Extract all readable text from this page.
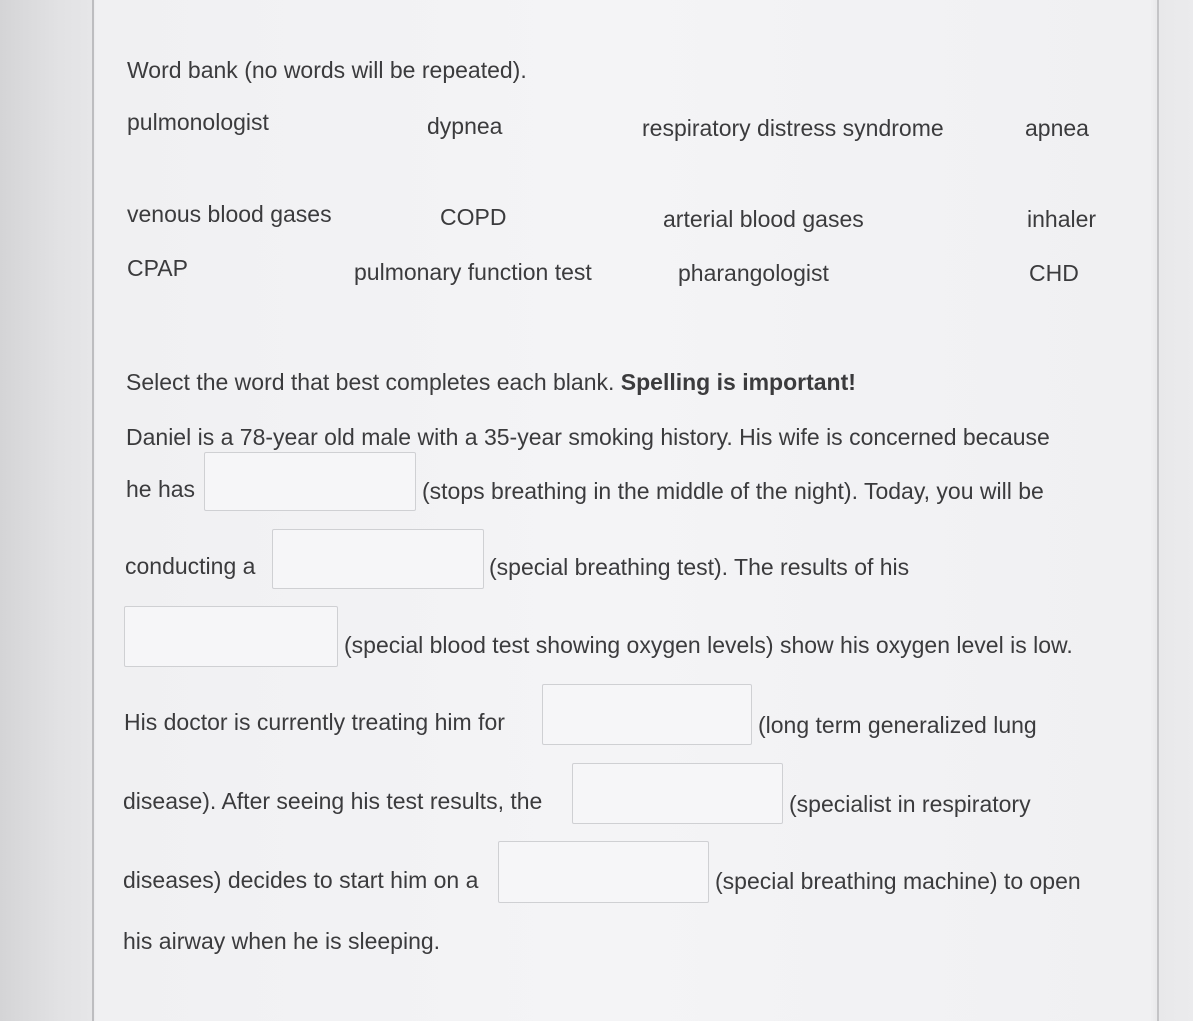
Word bank (no words will be repeated).
pulmonologist	dypnea	respiratory distress syndrome	apnea
venous blood gases	COPD	arterial blood gases	inhaler
CPAP	pulmonary function test	pharangologist	CHD
Select the word that best completes each blank. Spelling is important!
Daniel is a 78-year old male with a 35-year smoking history. His wife is concerned because
he has	(stops breathing in the middle of the night). Today, you will be
conducting a	(special breathing test). The results of his
(special blood test showing oxygen levels) show his oxygen level is low.
His doctor is currently treating him for	(long term generalized lung
disease). After seeing his test results, the	(specialist in respiratory
diseases) decides to start him on a	(special breathing machine) to open
his airway when he is sleeping.
